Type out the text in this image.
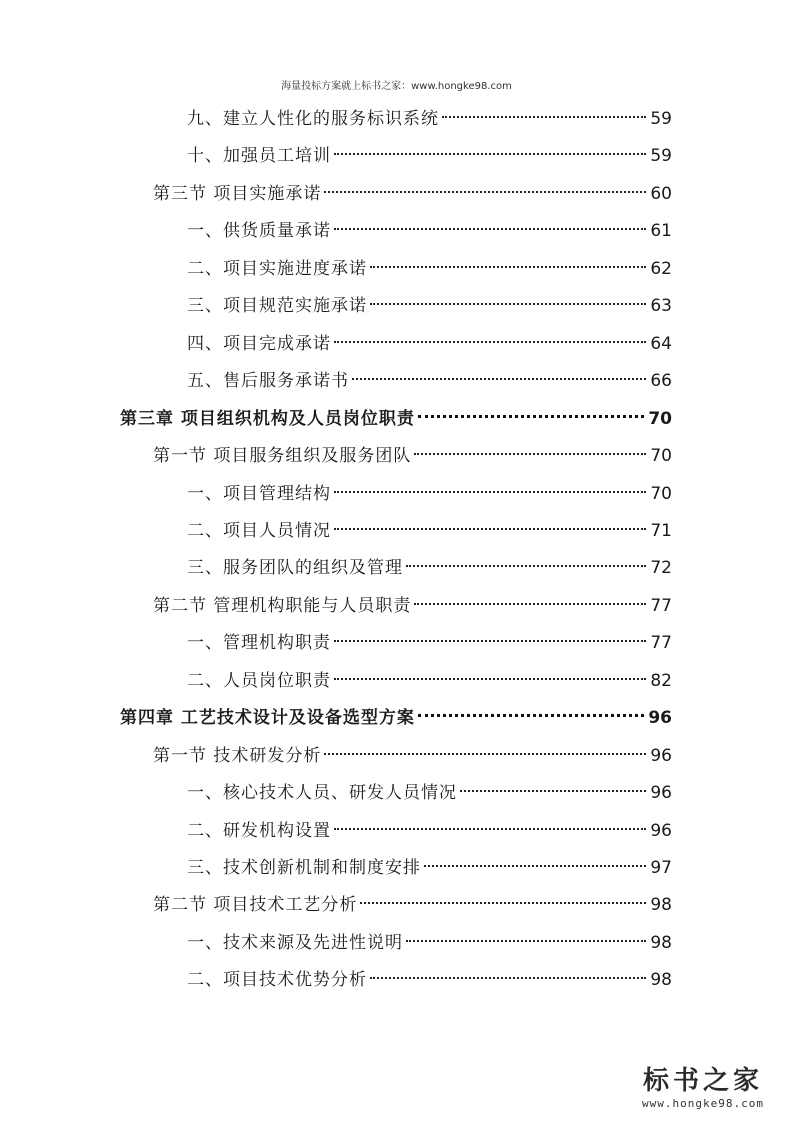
海量投标方案就上标书之家：www.hongke98.com
九、建立人性化的服务标识系统	59
十、加强员工培训	59
第三节 项目实施承诺	60
一、供货质量承诺	61
二、项目实施进度承诺	62
三、项目规范实施承诺	63
四、项目完成承诺	64
五、售后服务承诺书	66
第三章 项目组织机构及人员岗位职责	70
第一节 项目服务组织及服务团队	70
一、项目管理结构	70
二、项目人员情况	71
三、服务团队的组织及管理	72
第二节 管理机构职能与人员职责	77
一、管理机构职责	77
二、人员岗位职责	82
第四章 工艺技术设计及设备选型方案	96
第一节 技术研发分析	96
一、核心技术人员、研发人员情况	96
二、研发机构设置	96
三、技术创新机制和制度安排	97
第二节 项目技术工艺分析	98
一、技术来源及先进性说明	98
二、项目技术优势分析	98
标书之家
www.hongke98.com
